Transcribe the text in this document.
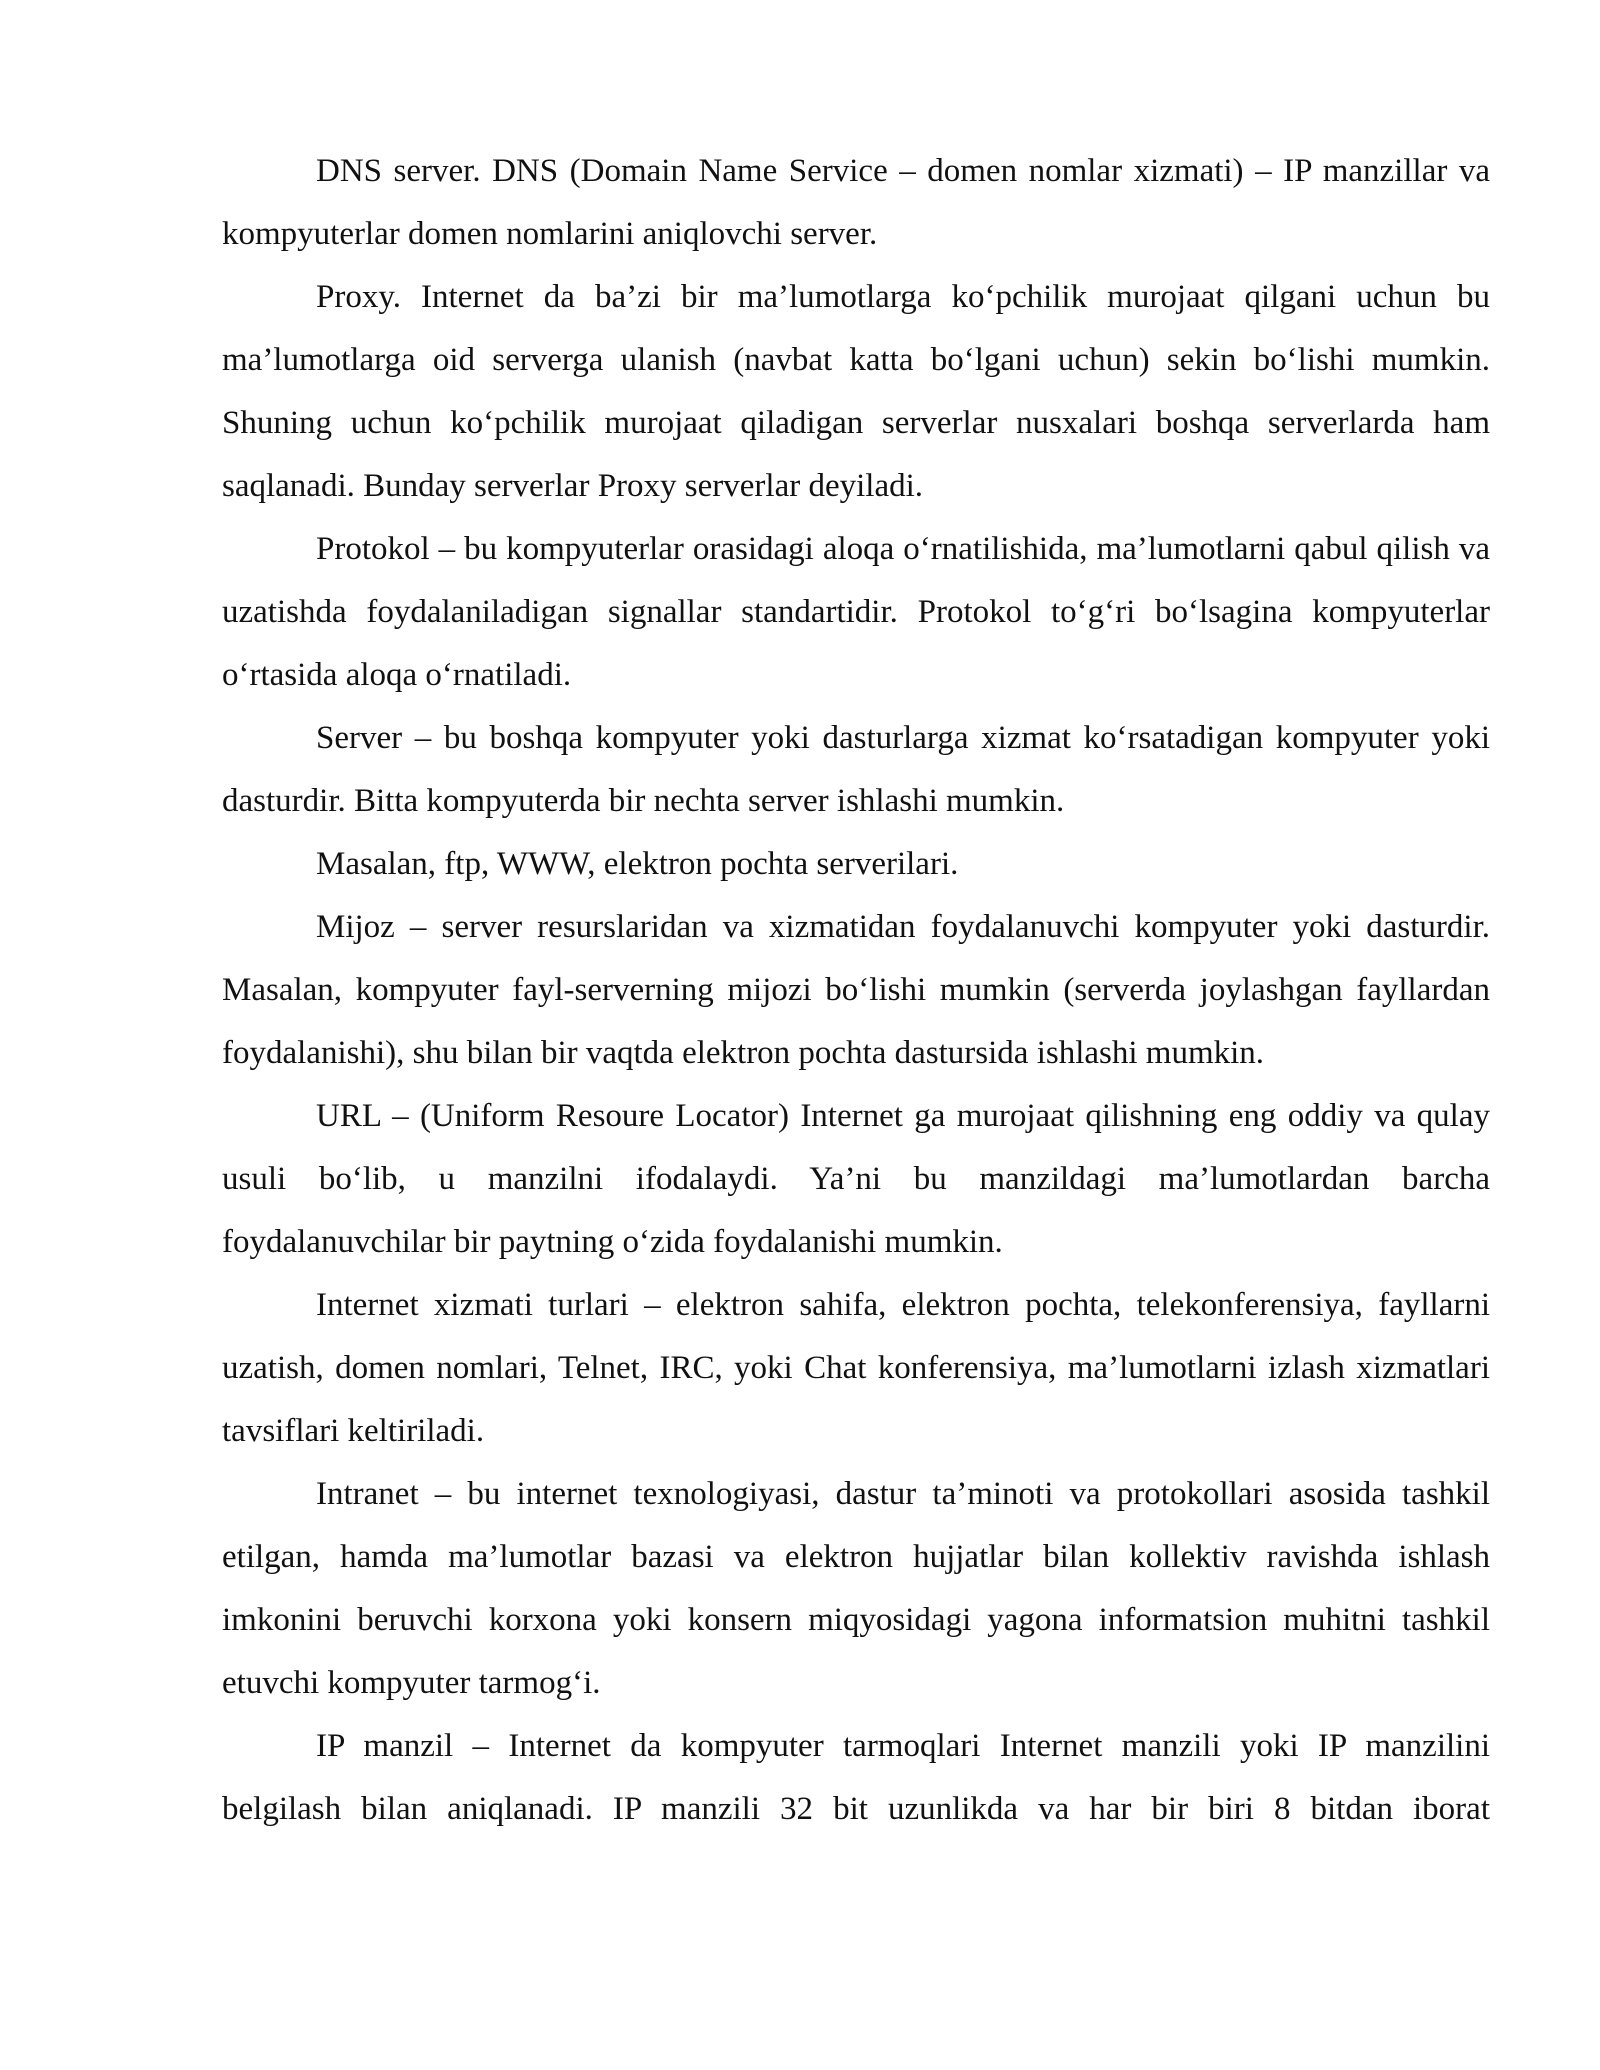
DNS server. DNS (Domain Name Service – domen nomlar xizmati) – IP manzillar va kompyuterlar domen nomlarini aniqlovchi server.

Proxy. Internet da ba’zi bir ma’lumotlarga ko‘pchilik murojaat qilgani uchun bu ma’lumotlarga oid serverga ulanish (navbat katta bo‘lgani uchun) sekin bo‘lishi mumkin. Shuning uchun ko‘pchilik murojaat qiladigan serverlar nusxalari boshqa serverlarda ham saqlanadi. Bunday serverlar Proxy serverlar deyiladi.

Protokol – bu kompyuterlar orasidagi aloqa o‘rnatilishida, ma’lumotlarni qabul qilish va uzatishda foydalaniladigan signallar standartidir. Protokol to‘g‘ri bo‘lsagina kompyuterlar o‘rtasida aloqa o‘rnatiladi.

Server – bu boshqa kompyuter yoki dasturlarga xizmat ko‘rsatadigan kompyuter yoki dasturdir. Bitta kompyuterda bir nechta server ishlashi mumkin.

Masalan, ftp, WWW, elektron pochta serverilari.

Mijoz – server resurslaridan va xizmatidan foydalanuvchi kompyuter yoki dasturdir. Masalan, kompyuter fayl-serverning mijozi bo‘lishi mumkin (serverda joylashgan fayllardan foydalanishi), shu bilan bir vaqtda elektron pochta dastursida ishlashi mumkin.

URL – (Uniform Resoure Locator) Internet ga murojaat qilishning eng oddiy va qulay usuli bo‘lib, u manzilni ifodalaydi. Ya’ni bu manzildagi ma’lumotlardan barcha foydalanuvchilar bir paytning o‘zida foydalanishi mumkin.

Internet xizmati turlari – elektron sahifa, elektron pochta, telekonferensiya, fayllarni uzatish, domen nomlari, Telnet, IRC, yoki Chat konferensiya, ma’lumotlarni izlash xizmatlari tavsiflari keltiriladi.

Intranet – bu internet texnologiyasi, dastur ta’minoti va protokollari asosida tashkil etilgan, hamda ma’lumotlar bazasi va elektron hujjatlar bilan kollektiv ravishda ishlash imkonini beruvchi korxona yoki konsern miqyosidagi yagona informatsion muhitni tashkil etuvchi kompyuter tarmog‘i.

IP manzil – Internet da kompyuter tarmoqlari Internet manzili yoki IP manzilini belgilash bilan aniqlanadi. IP manzili 32 bit uzunlikda va har bir biri 8 bitdan iborat
